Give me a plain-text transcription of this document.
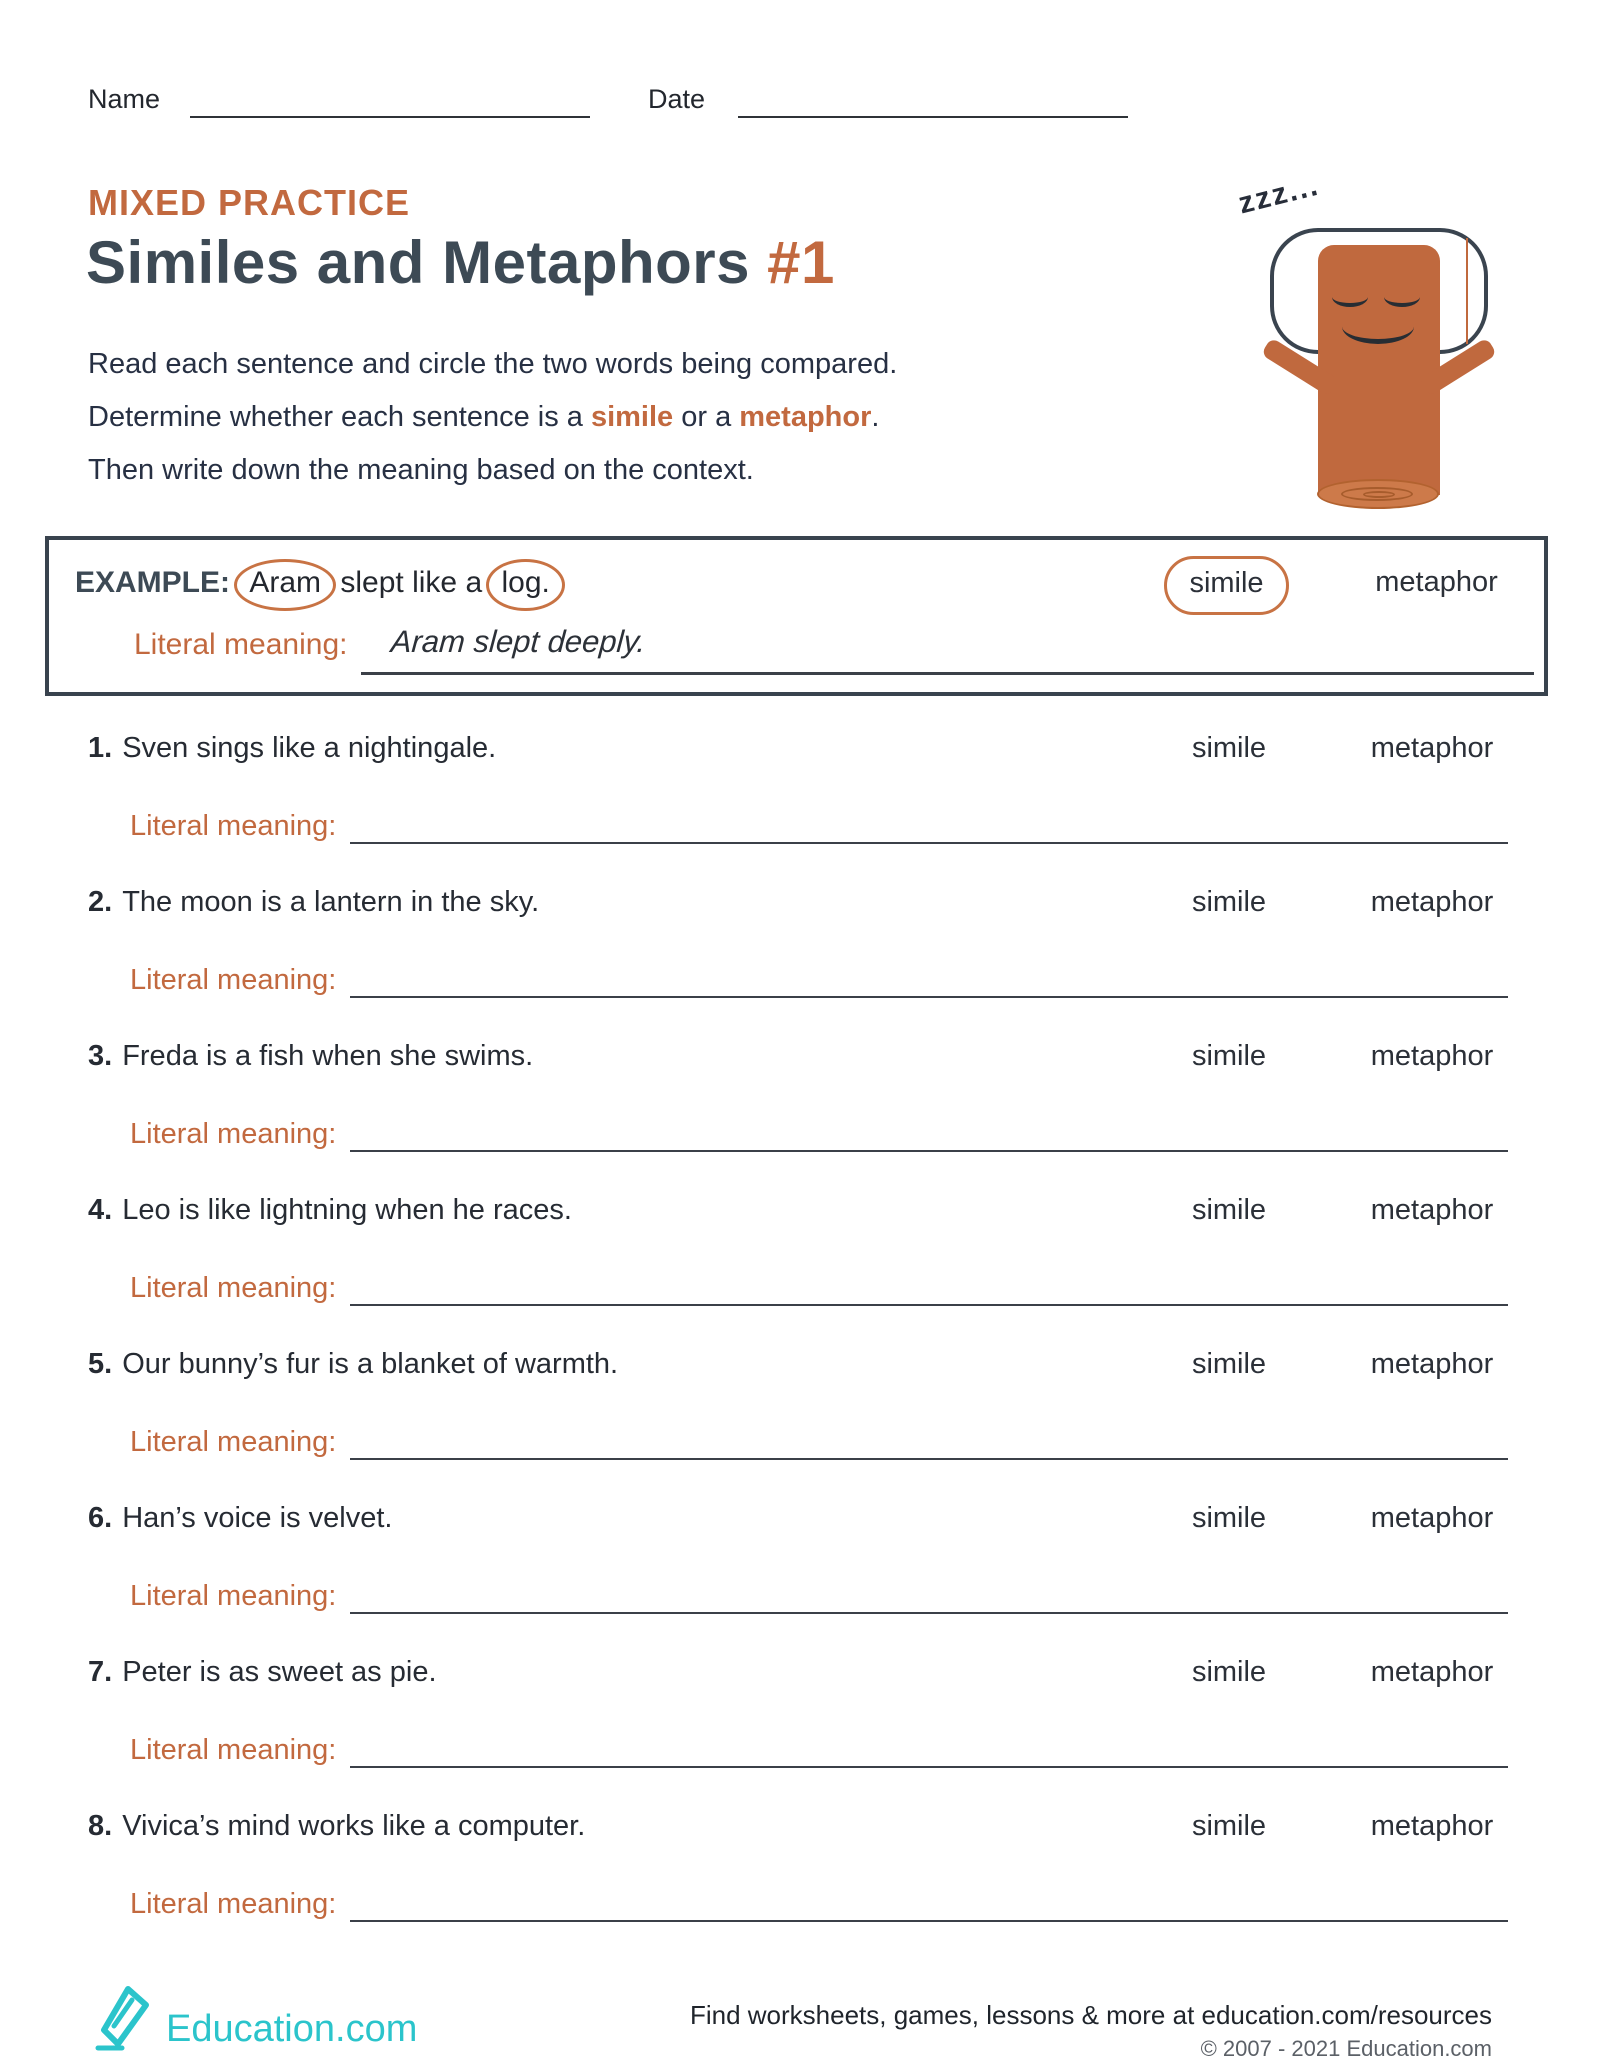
Name	Date
MIXED PRACTICE
Similes and Metaphors #1
Read each sentence and circle the two words being compared.
Determine whether each sentence is a simile or a metaphor.
Then write down the meaning based on the context.
zzz...
EXAMPLE: Aram slept like a log.	simile	metaphor
Literal meaning: Aram slept deeply.
1. Sven sings like a nightingale.	simile	metaphor
Literal meaning:
2. The moon is a lantern in the sky.	simile	metaphor
Literal meaning:
3. Freda is a fish when she swims.	simile	metaphor
Literal meaning:
4. Leo is like lightning when he races.	simile	metaphor
Literal meaning:
5. Our bunny’s fur is a blanket of warmth.	simile	metaphor
Literal meaning:
6. Han’s voice is velvet.	simile	metaphor
Literal meaning:
7. Peter is as sweet as pie.	simile	metaphor
Literal meaning:
8. Vivica’s mind works like a computer.	simile	metaphor
Literal meaning:
Education.com	Find worksheets, games, lessons & more at education.com/resources
© 2007 - 2021 Education.com
